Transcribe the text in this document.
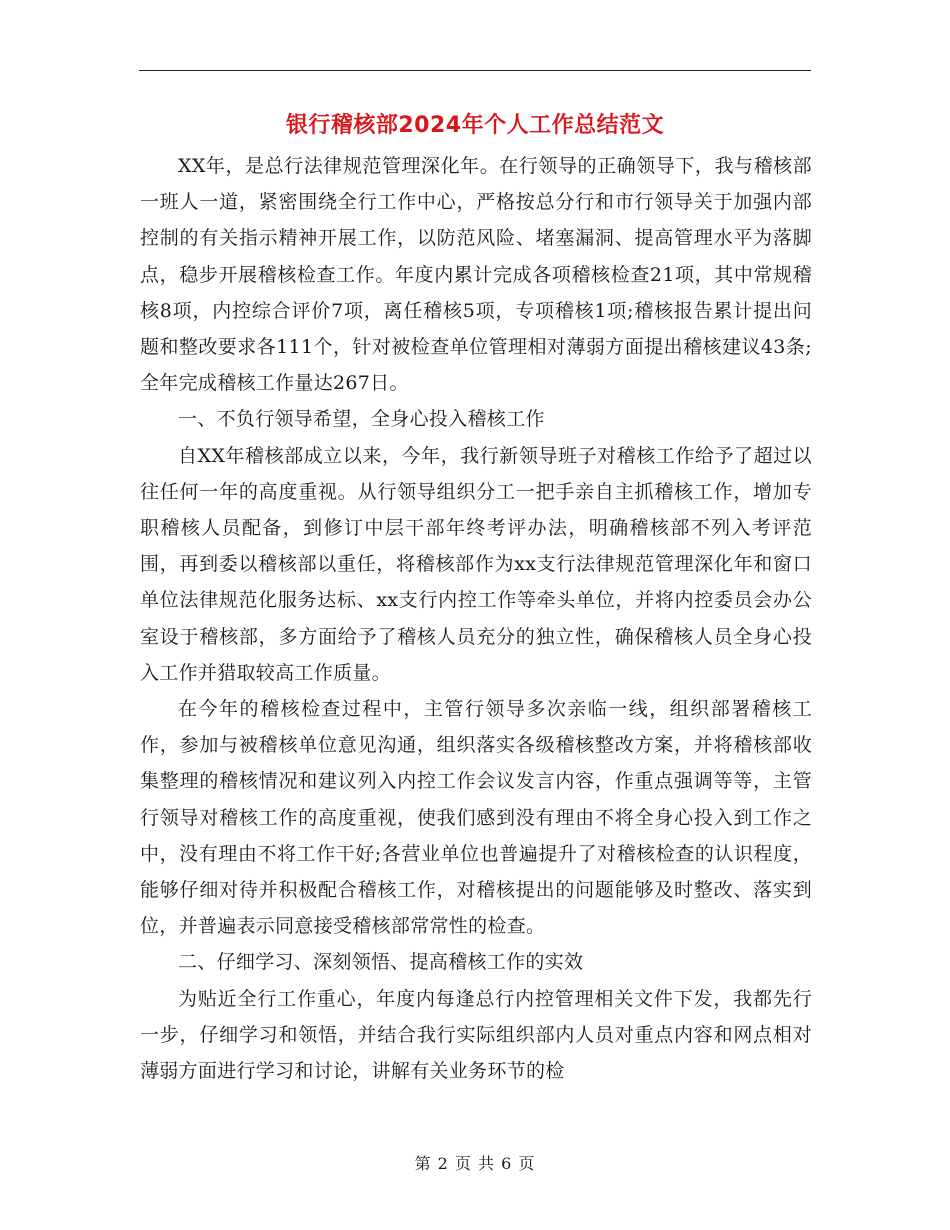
银行稽核部2024年个人工作总结范文

XX年，是总行法律规范管理深化年。在行领导的正确领导下，我与稽核部一班人一道，紧密围绕全行工作中心，严格按总分行和市行领导关于加强内部控制的有关指示精神开展工作，以防范风险、堵塞漏洞、提高管理水平为落脚点，稳步开展稽核检查工作。年度内累计完成各项稽核检查21项，其中常规稽核8项，内控综合评价7项，离任稽核5项，专项稽核1项;稽核报告累计提出问题和整改要求各111个，针对被检查单位管理相对薄弱方面提出稽核建议43条;全年完成稽核工作量达267日。

一、不负行领导希望，全身心投入稽核工作

自XX年稽核部成立以来，今年，我行新领导班子对稽核工作给予了超过以往任何一年的高度重视。从行领导组织分工一把手亲自主抓稽核工作，增加专职稽核人员配备，到修订中层干部年终考评办法，明确稽核部不列入考评范围，再到委以稽核部以重任，将稽核部作为xx支行法律规范管理深化年和窗口单位法律规范化服务达标、xx支行内控工作等牵头单位，并将内控委员会办公室设于稽核部，多方面给予了稽核人员充分的独立性，确保稽核人员全身心投入工作并猎取较高工作质量。

在今年的稽核检查过程中，主管行领导多次亲临一线，组织部署稽核工作，参加与被稽核单位意见沟通，组织落实各级稽核整改方案，并将稽核部收集整理的稽核情况和建议列入内控工作会议发言内容，作重点强调等等，主管行领导对稽核工作的高度重视，使我们感到没有理由不将全身心投入到工作之中，没有理由不将工作干好;各营业单位也普遍提升了对稽核检查的认识程度，能够仔细对待并积极配合稽核工作，对稽核提出的问题能够及时整改、落实到位，并普遍表示同意接受稽核部常常性的检查。

二、仔细学习、深刻领悟、提高稽核工作的实效

为贴近全行工作重心，年度内每逢总行内控管理相关文件下发，我都先行 一步，仔细学习和领悟，并结合我行实际组织部内人员对重点内容和网点相对薄弱方面进行学习和讨论，讲解有关业务环节的检

第 2 页 共 6 页
